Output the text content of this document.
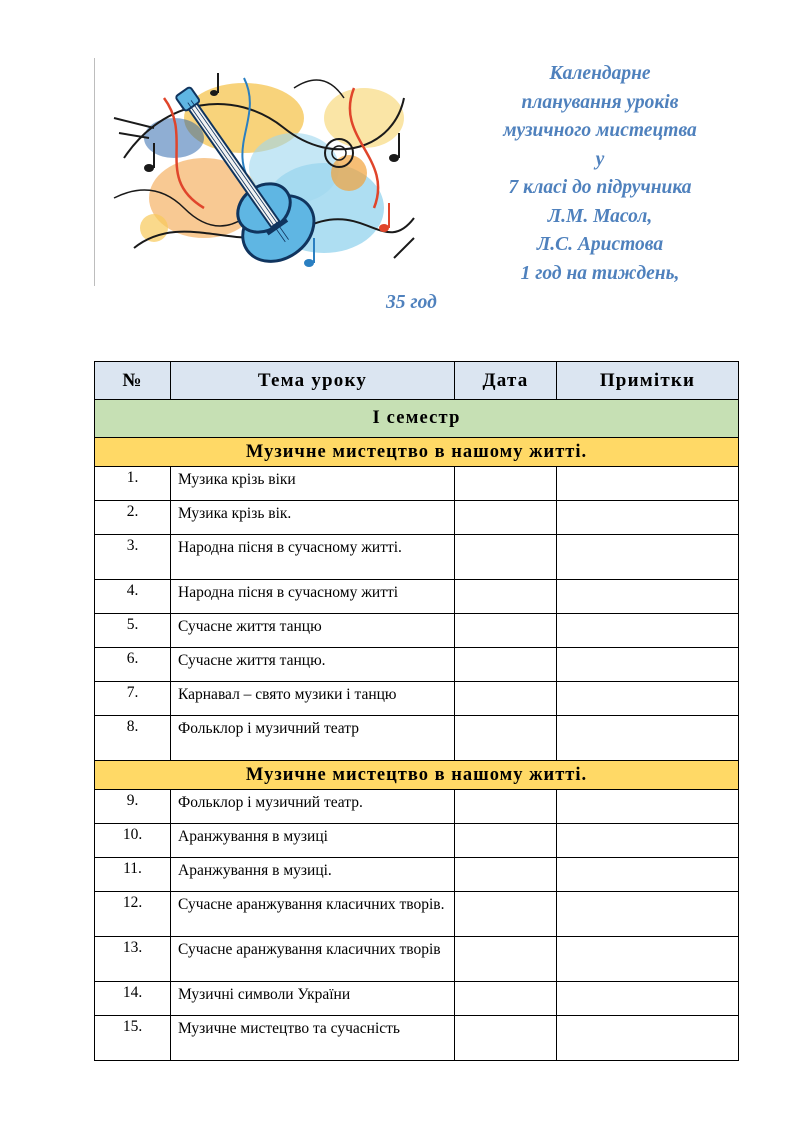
Календарне
планування уроків
музичного мистецтва
у
7 класі до підручника
Л.М. Масол,
Л.С. Аристова
1 год на тиждень,
35 год
№	Тема уроку	Дата	Примітки
I семестр			
Музичне мистецтво в нашому житті.			
1.	Музика крізь віки		
2.	Музика крізь вік.		
3.	Народна пісня в сучасному житті.		
4.	Народна пісня в сучасному житті		
5.	Сучасне життя танцю		
6.	Сучасне життя танцю.		
7.	Карнавал – свято музики і танцю		
8.	Фольклор і музичний театр		
Музичне мистецтво в нашому житті.			
9.	Фольклор і музичний театр.		
10.	Аранжування в музиці		
11.	Аранжування в музиці.		
12.	Сучасне аранжування класичних творів.		
13.	Сучасне аранжування класичних творів		
14.	Музичні символи України		
15.	Музичне мистецтво та сучасність		
